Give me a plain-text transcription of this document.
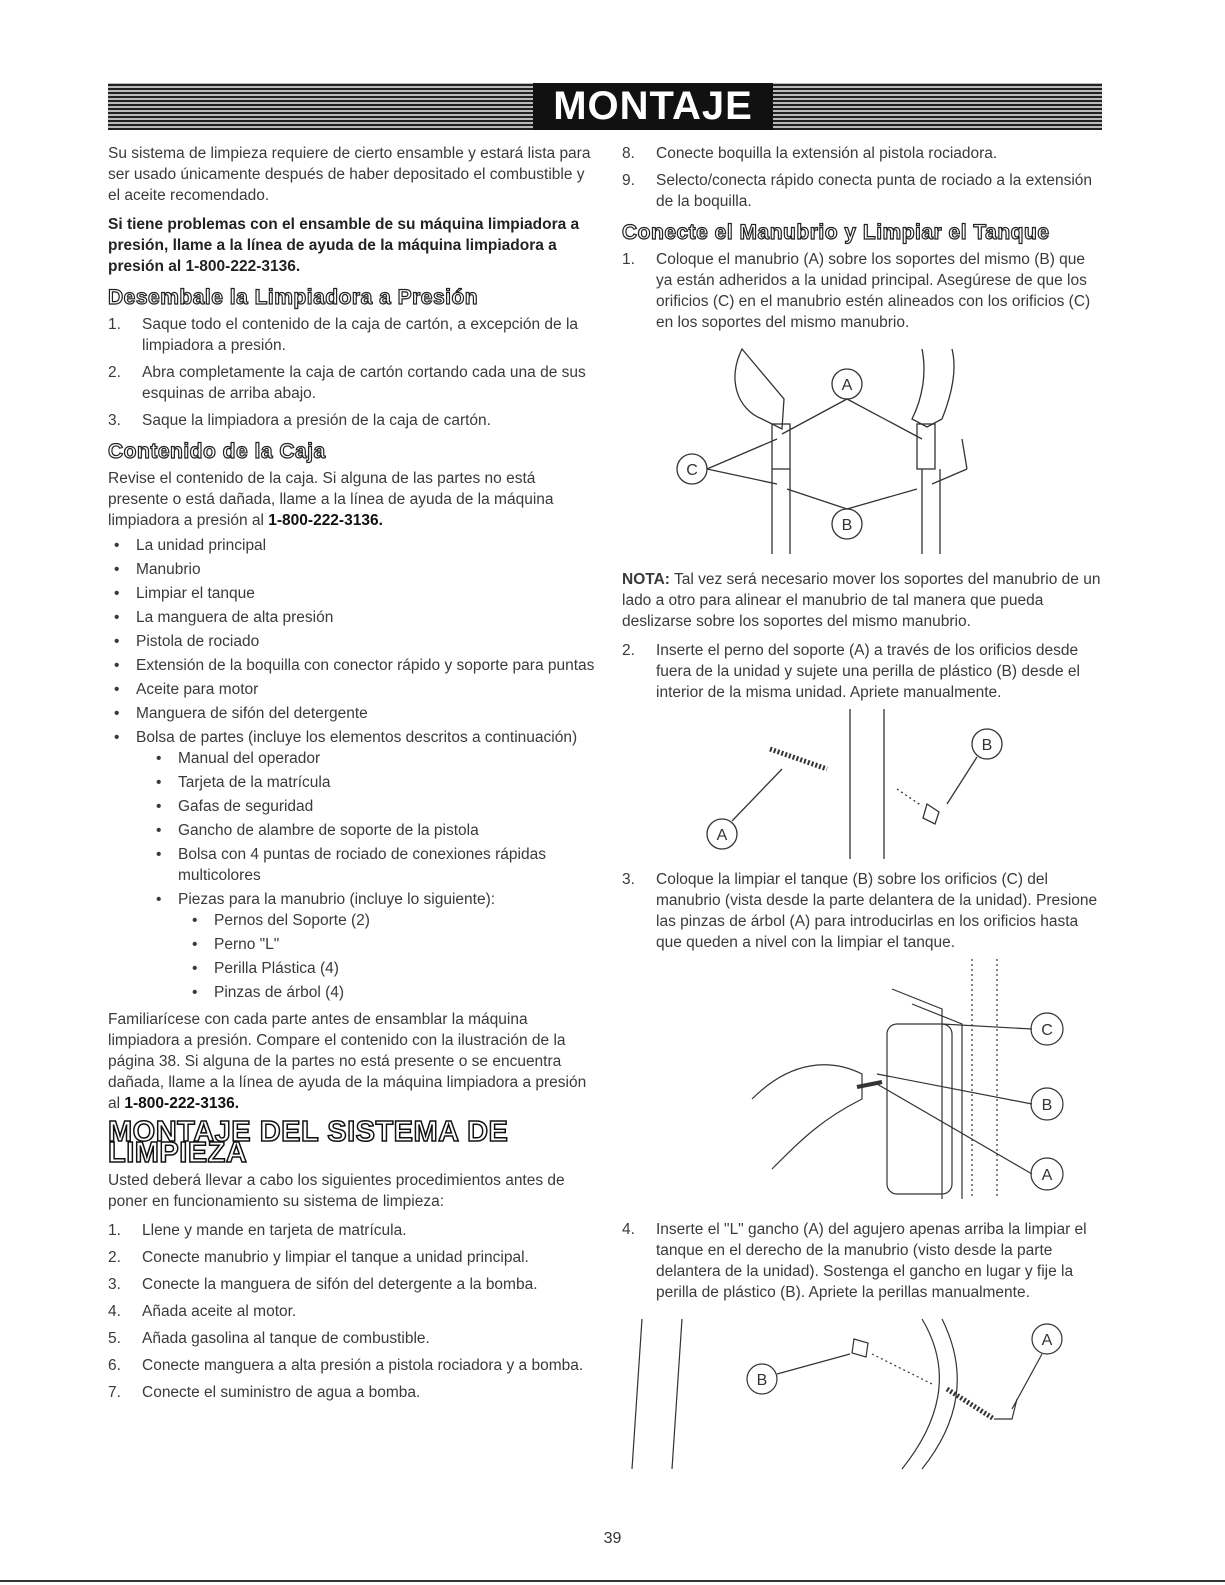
MONTAJE

Su sistema de limpieza requiere de cierto ensamble y estará lista para ser usado únicamente después de haber depositado el combustible y el aceite recomendado.

Si tiene problemas con el ensamble de su máquina limpiadora a presión, llame a la línea de ayuda de la máquina limpiadora a presión al 1-800-222-3136.

Desembale la Limpiadora a Presión
1. Saque todo el contenido de la caja de cartón, a excepción de la limpiadora a presión.
2. Abra completamente la caja de cartón cortando cada una de sus esquinas de arriba abajo.
3. Saque la limpiadora a presión de la caja de cartón.
Contenido de la Caja

Revise el contenido de la caja. Si alguna de las partes no está presente o está dañada, llame a la línea de ayuda de la máquina limpiadora a presión al 1-800-222-3136.

• La unidad principal
• Manubrio
• Limpiar el tanque
• La manguera de alta presión
• Pistola de rociado
• Extensión de la boquilla con conector rápido y soporte para puntas
• Aceite para motor
• Manguera de sifón del detergente
• Bolsa de partes (incluye los elementos descritos a continuación)
• Manual del operador
• Tarjeta de la matrícula
• Gafas de seguridad
• Gancho de alambre de soporte de la pistola
• Bolsa con 4 puntas de rociado de conexiones rápidas multicolores
• Piezas para la manubrio (incluye lo siguiente):
• Pernos del Soporte (2)
• Perno "L"
• Perilla Plástica (4)
• Pinzas de árbol (4)

Familiarícese con cada parte antes de ensamblar la máquina limpiadora a presión. Compare el contenido con la ilustración de la página 38. Si alguna de la partes no está presente o se encuentra dañada, llame a la línea de ayuda de la máquina limpiadora a presión al 1-800-222-3136.

MONTAJE DEL SISTEMA DE LIMPIEZA

Usted deberá llevar a cabo los siguientes procedimientos antes de poner en funcionamiento su sistema de limpieza:

1. Llene y mande en tarjeta de matrícula.
2. Conecte manubrio y limpiar el tanque a unidad principal.
3. Conecte la manguera de sifón del detergente a la bomba.
4. Añada aceite al motor.
5. Añada gasolina al tanque de combustible.
6. Conecte manguera a alta presión a pistola rociadora y a bomba.
7. Conecte el suministro de agua a bomba.
8. Conecte boquilla la extensión al pistola rociadora.
9. Selecto/conecta rápido conecta punta de rociado a la extensión de la boquilla.
Conecte el Manubrio y Limpiar el Tanque
1. Coloque el manubrio (A) sobre los soportes del mismo (B) que ya están adheridos a la unidad principal. Asegúrese de que los orificios (C) en el manubrio estén alineados con los orificios (C) en los soportes del mismo manubrio.
A
C
B

NOTA: Tal vez será necesario mover los soportes del manubrio de un lado a otro para alinear el manubrio de tal manera que pueda deslizarse sobre los soportes del mismo manubrio.

2. Inserte el perno del soporte (A) a través de los orificios desde fuera de la unidad y sujete una perilla de plástico (B) desde el interior de la misma unidad. Apriete manualmente.
A
B
3. Coloque la limpiar el tanque (B) sobre los orificios (C) del manubrio (vista desde la parte delantera de la unidad). Presione las pinzas de árbol (A) para introducirlas en los orificios hasta que queden a nivel con la limpiar el tanque.
C
B
A
4. Inserte el "L" gancho (A) del agujero apenas arriba la limpiar el tanque en el derecho de la manubrio (visto desde la parte delantera de la unidad). Sostenga el gancho en lugar y fije la perilla de plástico (B). Apriete la perillas manualmente.
B
A
39
